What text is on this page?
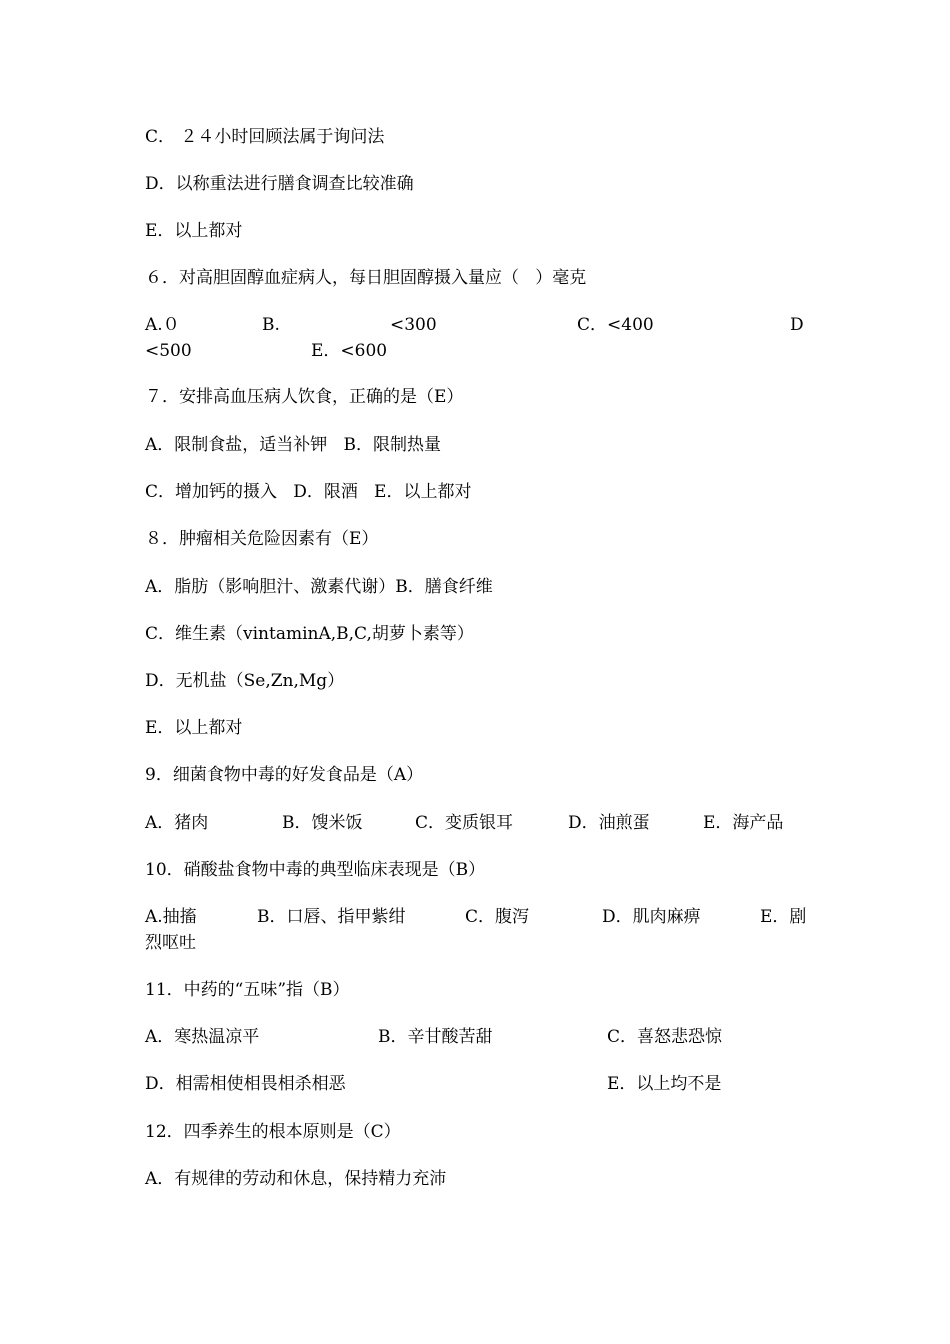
C． ２４小时回顾法属于询问法
D．以称重法进行膳食调查比较准确
E．以上都对
６．对高胆固醇血症病人，每日胆固醇摄入量应（   ）毫克
A.０	B.	<300	C．<400	D
<500	E．<600
７．安排高血压病人饮食，正确的是（E）
A．限制食盐，适当补钾   B．限制热量
C．增加钙的摄入   D．限酒   E．以上都对
８．肿瘤相关危险因素有（E）
A．脂肪（影响胆汁、激素代谢）B．膳食纤维
C．维生素（vintaminA,B,C,胡萝卜素等）
D．无机盐（Se,Zn,Mg）
E．以上都对
9．细菌食物中毒的好发食品是（A）
A．猪肉	B．馊米饭	C．变质银耳	D．油煎蛋	E．海产品
10．硝酸盐食物中毒的典型临床表现是（B）
A.抽搐	B．口唇、指甲紫绀	C．腹泻	D．肌肉麻痹	E．剧
烈呕吐
11．中药的“五味”指（B）
A．寒热温凉平	B．辛甘酸苦甜	C．喜怒悲恐惊
D．相需相使相畏相杀相恶	E．以上均不是
12．四季养生的根本原则是（C）
A．有规律的劳动和休息，保持精力充沛
